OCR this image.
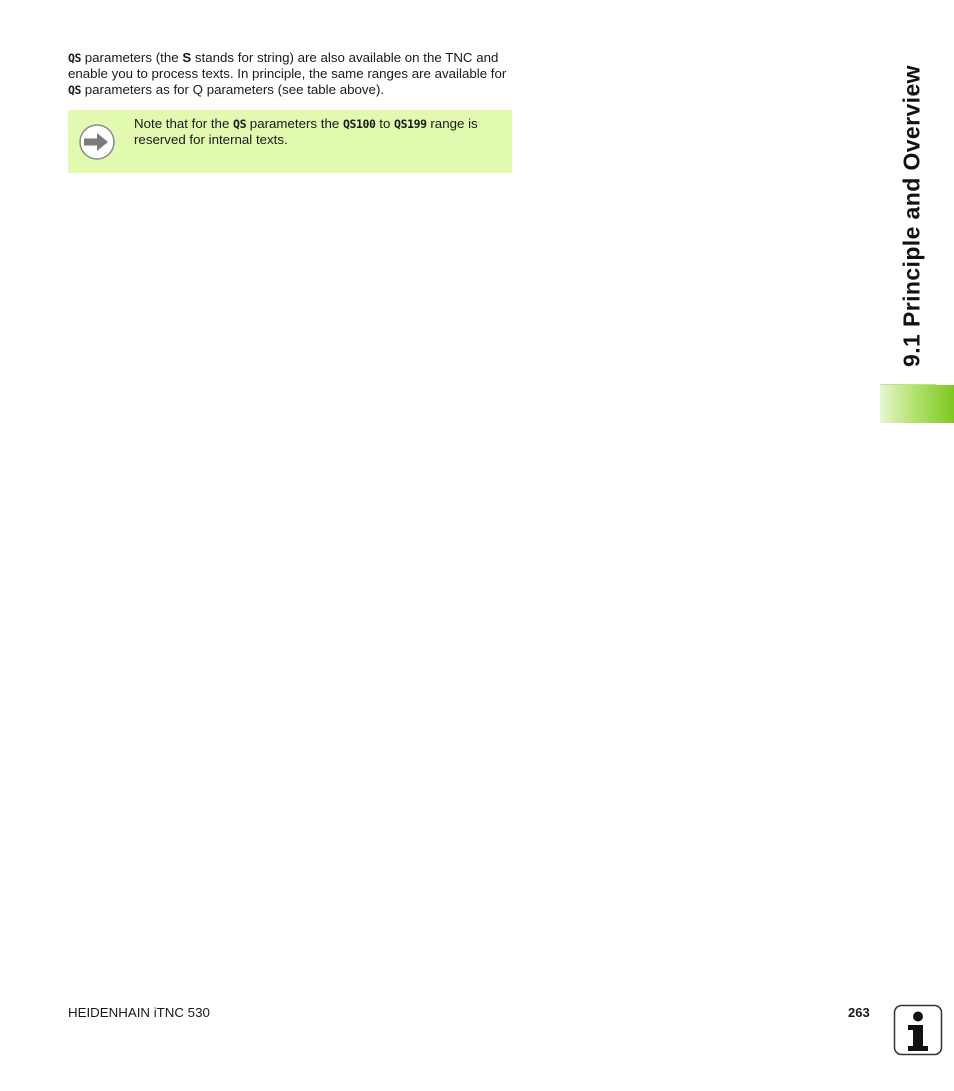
QS parameters (the S stands for string) are also available on the TNC and enable you to process texts. In principle, the same ranges are available for QS parameters as for Q parameters (see table above).

Note that for the QS parameters the QS100 to QS199 range is reserved for internal texts.	9.1 Principle and Overview
HEIDENHAIN iTNC 530	263
